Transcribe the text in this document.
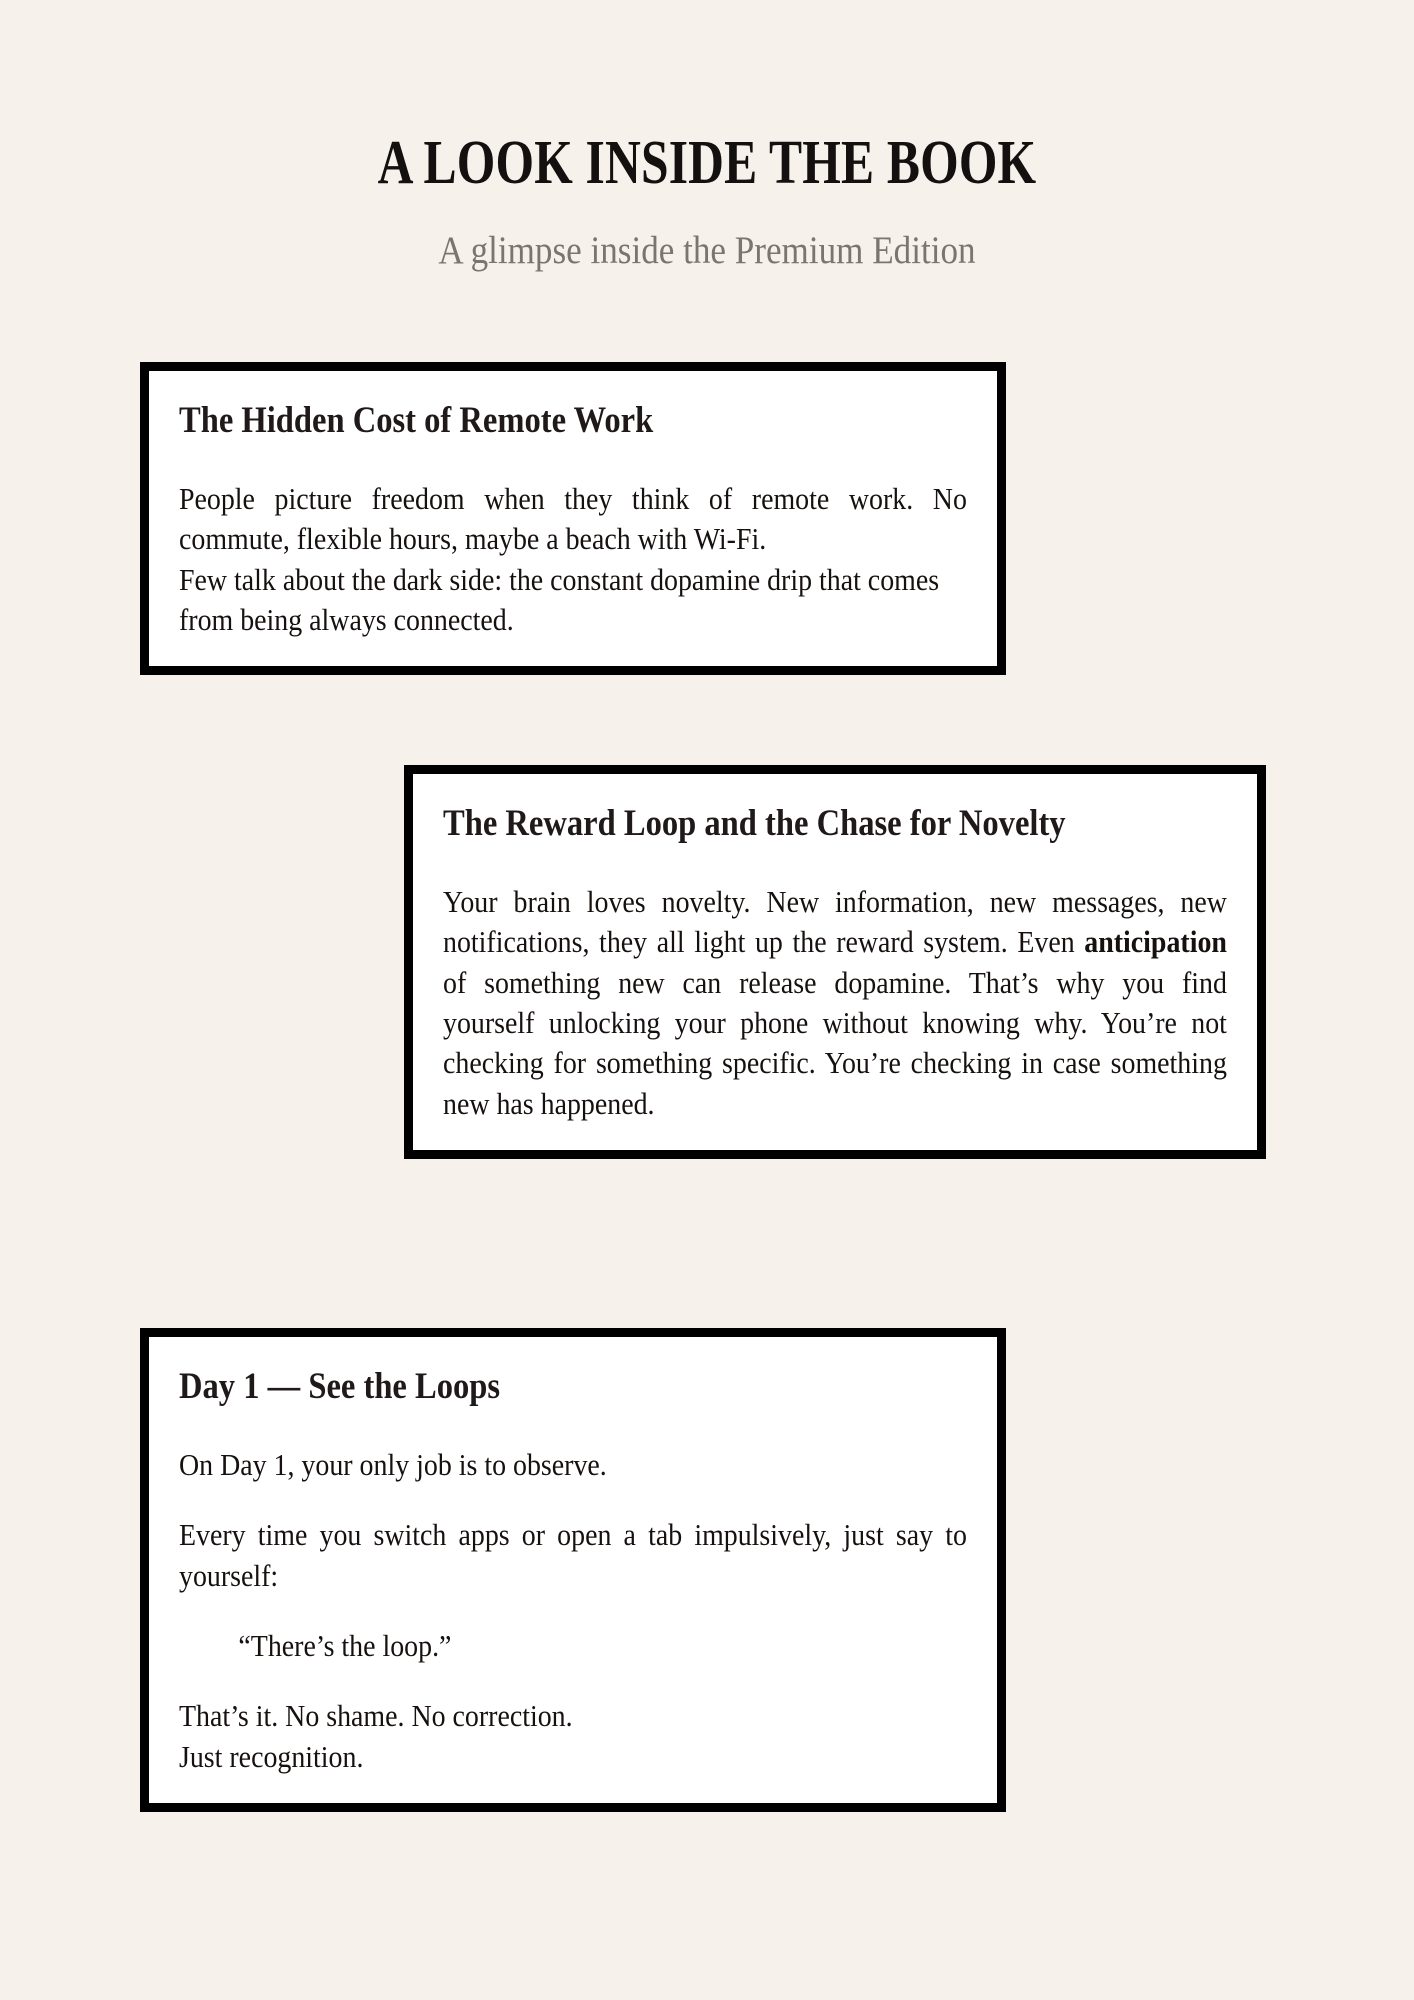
A LOOK INSIDE THE BOOK
A glimpse inside the Premium Edition
The Hidden Cost of Remote Work

People picture freedom when they think of remote work. No commute, flexible hours, maybe a beach with Wi-Fi.

Few talk about the dark side: the constant dopamine drip that comes from being always connected.

The Reward Loop and the Chase for Novelty

Your brain loves novelty. New information, new messages, new notifications, they all light up the reward system. Even anticipation of something new can release dopamine. That’s why you find yourself unlocking your phone without knowing why. You’re not checking for something specific. You’re checking in case something new has happened.

Day 1 — See the Loops

On Day 1, your only job is to observe.

Every time you switch apps or open a tab impulsively, just say to yourself:

“There’s the loop.”

That’s it. No shame. No correction.

Just recognition.
